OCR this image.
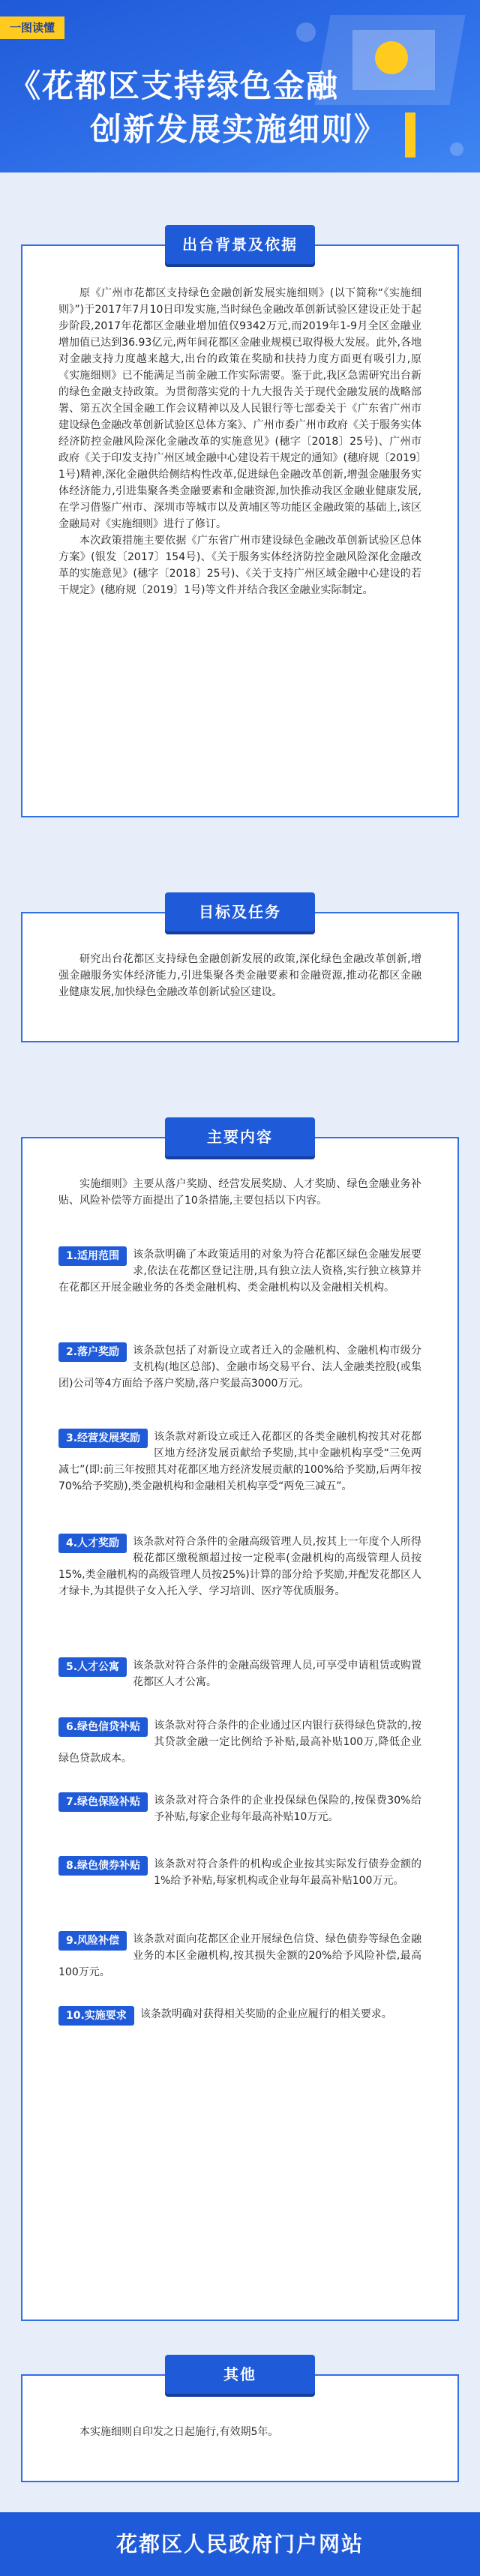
一图读懂
《花都区支持绿色金融
创新发展实施细则》
出台背景及依据

原《广州市花都区支持绿色金融创新发展实施细则》(以下简称“《实施细则》”)于2017年7月10日印发实施,当时绿色金融改革创新试验区建设正处于起步阶段,2017年花都区金融业增加值仅9342万元,而2019年1-9月全区金融业增加值已达到36.93亿元,两年间花都区金融业规模已取得极大发展。此外,各地对金融支持力度越来越大,出台的政策在奖励和扶持力度方面更有吸引力,原《实施细则》已不能满足当前金融工作实际需要。鉴于此,我区急需研究出台新的绿色金融支持政策。为贯彻落实党的十九大报告关于现代金融发展的战略部署、第五次全国金融工作会议精神以及人民银行等七部委关于《广东省广州市建设绿色金融改革创新试验区总体方案》、广州市委广州市政府《关于服务实体经济防控金融风险深化金融改革的实施意见》(穗字〔2018〕25号)、广州市政府《关于印发支持广州区域金融中心建设若干规定的通知》(穗府规〔2019〕1号)精神,深化金融供给侧结构性改革,促进绿色金融改革创新,增强金融服务实体经济能力,引进集聚各类金融要素和金融资源,加快推动我区金融业健康发展,在学习借鉴广州市、深圳市等城市以及黄埔区等功能区金融政策的基础上,该区金融局对《实施细则》进行了修订。

本次政策措施主要依据《广东省广州市建设绿色金融改革创新试验区总体方案》(银发〔2017〕154号)、《关于服务实体经济防控金融风险深化金融改革的实施意见》(穗字〔2018〕25号)、《关于支持广州区域金融中心建设的若干规定》(穗府规〔2019〕1号)等文件并结合我区金融业实际制定。

目标及任务
研究出台花都区支持绿色金融创新发展的政策,深化绿色金融改革创新,增强金融服务实体经济能力,引进集聚各类金融要素和金融资源,推动花都区金融业健康发展,加快绿色金融改革创新试验区建设。
主要内容
实施细则》主要从落户奖励、经营发展奖励、人才奖励、绿色金融业务补贴、风险补偿等方面提出了10条措施,主要包括以下内容。
1.适用范围	该条款明确了本政策适用的对象为符合花都区绿色金融发展要求,依法在花都区登记注册,具有独立法人资格,实行独立核算并在花都区开展金融业务的各类金融机构、类金融机构以及金融相关机构。
2.落户奖励	该条款包括了对新设立或者迁入的金融机构、金融机构市级分支机构(地区总部)、金融市场交易平台、法人金融类控股(或集团)公司等4方面给予落户奖励,落户奖最高3000万元。
3.经营发展奖励	该条款对新设立或迁入花都区的各类金融机构按其对花都区地方经济发展贡献给予奖励,其中金融机构享受“三免两减七”(即:前三年按照其对花都区地方经济发展贡献的100%给予奖励,后两年按70%给予奖励),类金融机构和金融相关机构享受“两免三减五”。
4.人才奖励	该条款对符合条件的金融高级管理人员,按其上一年度个人所得税花都区缴税额超过按一定税率(金融机构的高级管理人员按15%,类金融机构的高级管理人员按25%)计算的部分给予奖励,并配发花都区人才绿卡,为其提供子女入托入学、学习培训、医疗等优质服务。
5.人才公寓	该条款对符合条件的金融高级管理人员,可享受申请租赁或购置花都区人才公寓。
6.绿色信贷补贴	该条款对符合条件的企业通过区内银行获得绿色贷款的,按其贷款金融一定比例给予补贴,最高补贴100万,降低企业绿色贷款成本。
7.绿色保险补贴	该条款对符合条件的企业投保绿色保险的,按保费30%给予补贴,每家企业每年最高补贴10万元。
8.绿色债券补贴	该条款对符合条件的机构或企业按其实际发行债券金额的1%给予补贴,每家机构或企业每年最高补贴100万元。
9.风险补偿	该条款对面向花都区企业开展绿色信贷、绿色债券等绿色金融业务的本区金融机构,按其损失金额的20%给予风险补偿,最高100万元。
10.实施要求	该条款明确对获得相关奖励的企业应履行的相关要求。
其他
本实施细则自印发之日起施行,有效期5年。
花都区人民政府门户网站
